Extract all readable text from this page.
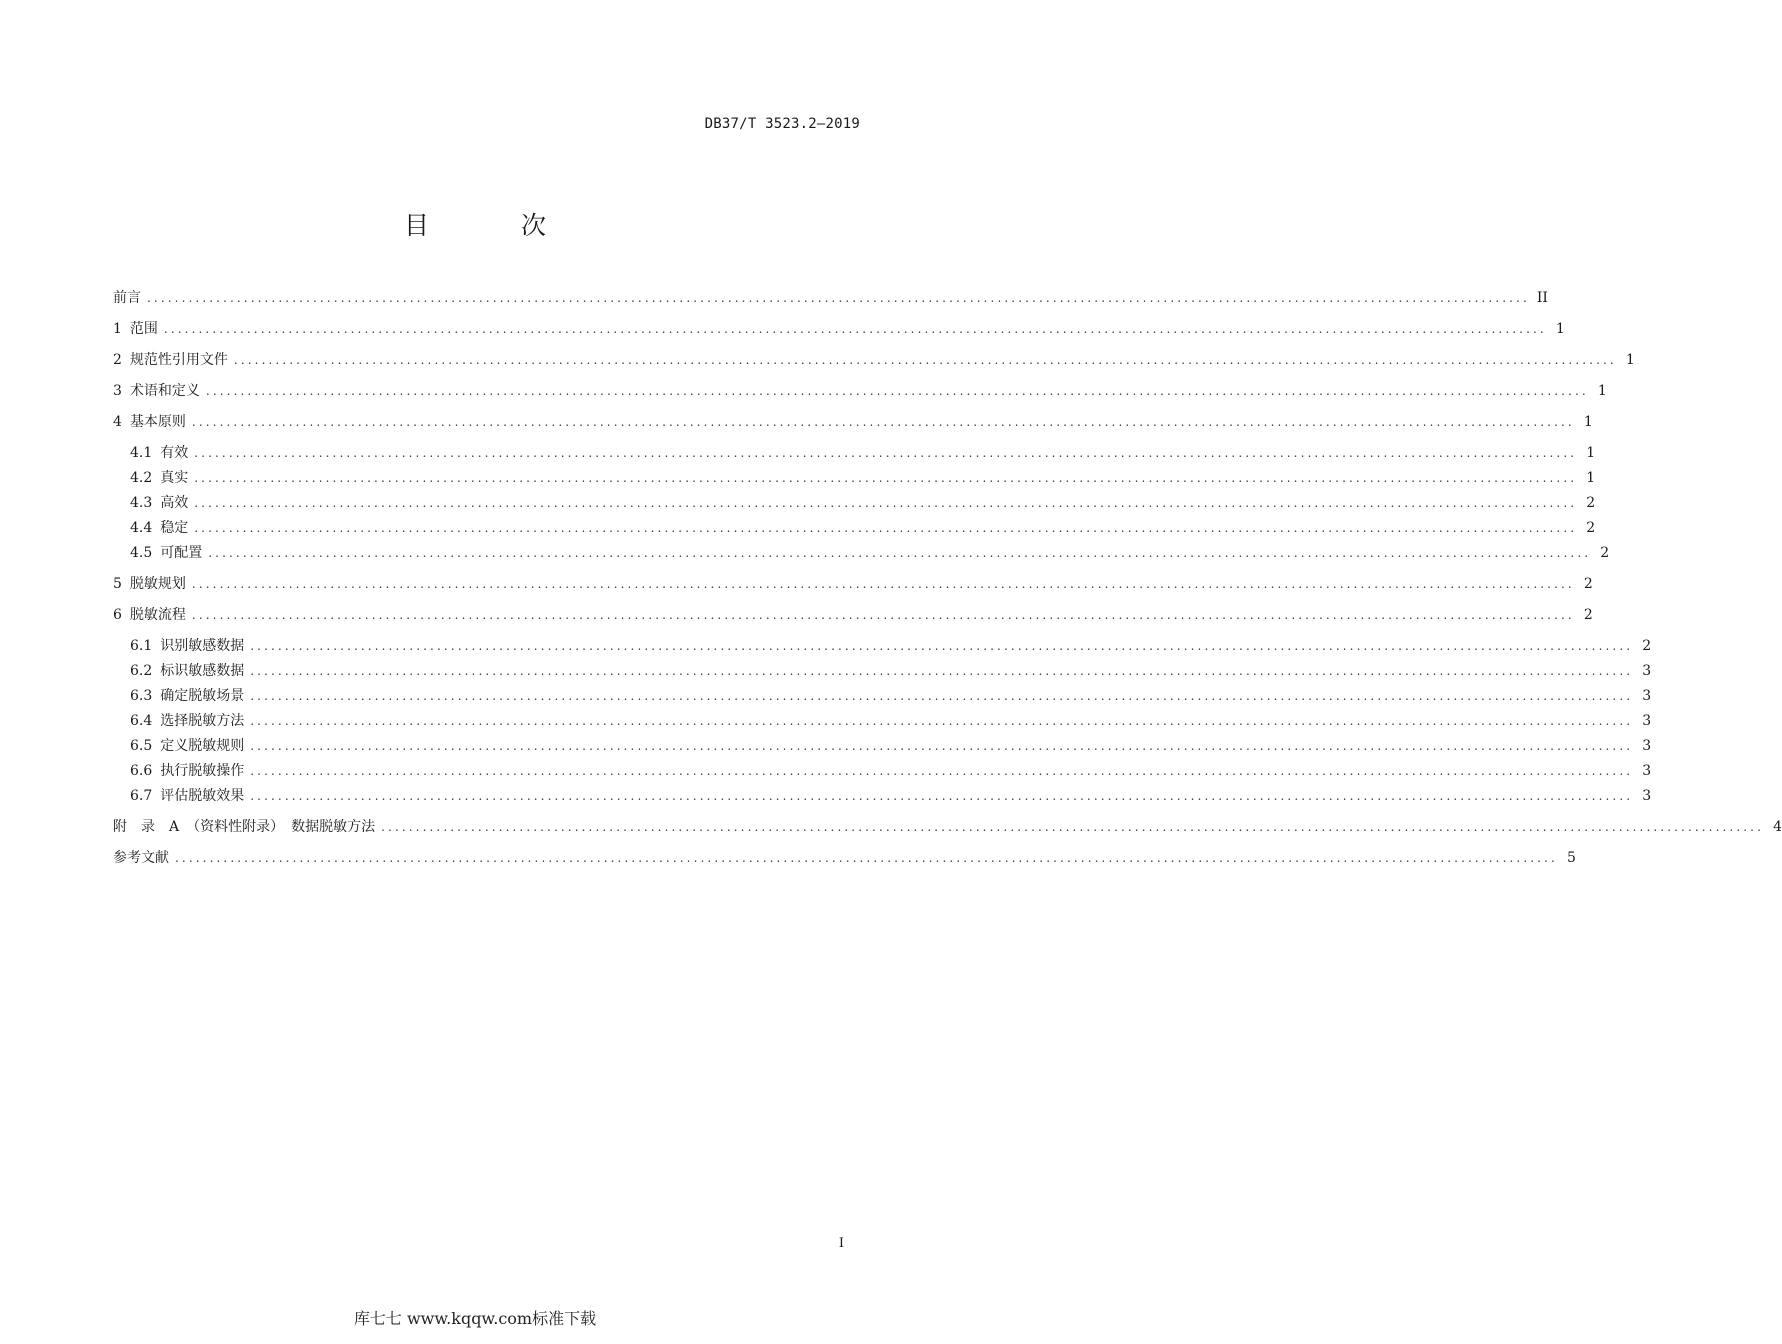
DB37/T 3523.2—2019
目 次
前言 ........................................................................................................................................................................................................ II
1 范围 ........................................................................................................................................................................................................ 1
2 规范性引用文件 ........................................................................................................................................................................................................ 1
3 术语和定义 ........................................................................................................................................................................................................ 1
4 基本原则 ........................................................................................................................................................................................................ 1
4.1 有效 ........................................................................................................................................................................................................ 1
4.2 真实 ........................................................................................................................................................................................................ 1
4.3 高效 ........................................................................................................................................................................................................ 2
4.4 稳定 ........................................................................................................................................................................................................ 2
4.5 可配置 ........................................................................................................................................................................................................ 2
5 脱敏规划 ........................................................................................................................................................................................................ 2
6 脱敏流程 ........................................................................................................................................................................................................ 2
6.1 识别敏感数据 ........................................................................................................................................................................................................ 2
6.2 标识敏感数据 ........................................................................................................................................................................................................ 3
6.3 确定脱敏场景 ........................................................................................................................................................................................................ 3
6.4 选择脱敏方法 ........................................................................................................................................................................................................ 3
6.5 定义脱敏规则 ........................................................................................................................................................................................................ 3
6.6 执行脱敏操作 ........................................................................................................................................................................................................ 3
6.7 评估脱敏效果 ........................................................................................................................................................................................................ 3
附　录　A　（资料性附录）　数据脱敏方法 ........................................................................................................................................................................................................ 4
参考文献 ........................................................................................................................................................................................................ 5
I
库七七 www.kqqw.com标准下载
